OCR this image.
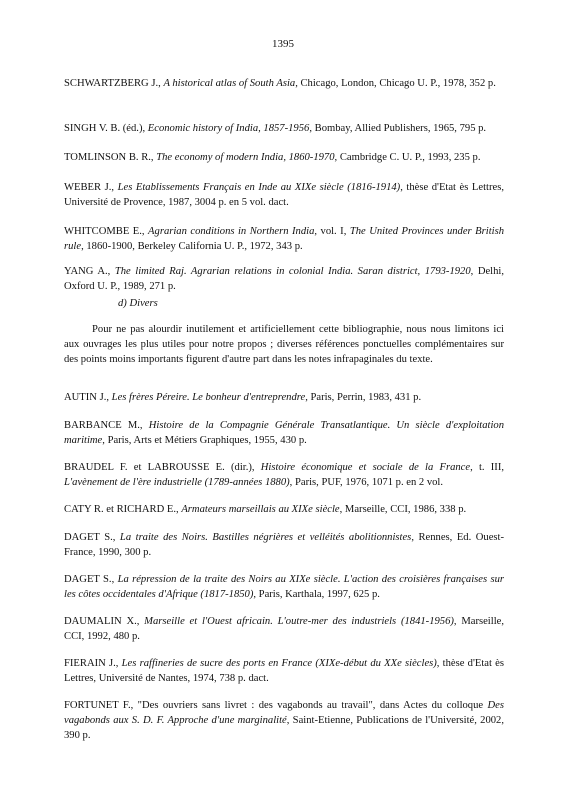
1395
SCHWARTZBERG J., A historical atlas of South Asia, Chicago, London, Chicago U. P., 1978, 352 p.
SINGH V. B. (éd.), Economic history of India, 1857-1956, Bombay, Allied Publishers, 1965, 795 p.
TOMLINSON B. R., The economy of modern India, 1860-1970, Cambridge C. U. P., 1993, 235 p.
WEBER J., Les Etablissements Français en Inde au XIXe siècle (1816-1914), thèse d'Etat ès Lettres, Université de Provence, 1987, 3004 p. en 5 vol. dact.
WHITCOMBE E., Agrarian conditions in Northern India, vol. I, The United Provinces under British rule, 1860-1900, Berkeley California U. P., 1972, 343 p.
YANG A., The limited Raj. Agrarian relations in colonial India. Saran district, 1793-1920, Delhi, Oxford U. P., 1989, 271 p.
d) Divers
Pour ne pas alourdir inutilement et artificiellement cette bibliographie, nous nous limitons ici aux ouvrages les plus utiles pour notre propos ; diverses références ponctuelles complémentaires sur des points moins importants figurent d'autre part dans les notes infrapaginales du texte.
AUTIN J., Les frères Péreire. Le bonheur d'entreprendre, Paris, Perrin, 1983, 431 p.
BARBANCE M., Histoire de la Compagnie Générale Transatlantique. Un siècle d'exploitation maritime, Paris, Arts et Métiers Graphiques, 1955, 430 p.
BRAUDEL F. et LABROUSSE E. (dir.), Histoire économique et sociale de la France, t. III, L'avènement de l'ère industrielle (1789-années 1880), Paris, PUF, 1976, 1071 p. en 2 vol.
CATY R. et RICHARD E., Armateurs marseillais au XIXe siècle, Marseille, CCI, 1986, 338 p.
DAGET S., La traite des Noirs. Bastilles négrières et velléités abolitionnistes, Rennes, Ed. Ouest-France, 1990, 300 p.
DAGET S., La répression de la traite des Noirs au XIXe siècle. L'action des croisières françaises sur les côtes occidentales d'Afrique (1817-1850), Paris, Karthala, 1997, 625 p.
DAUMALIN X., Marseille et l'Ouest africain. L'outre-mer des industriels (1841-1956), Marseille, CCI, 1992, 480 p.
FIERAIN J., Les raffineries de sucre des ports en France (XIXe-début du XXe siècles), thèse d'Etat ès Lettres, Université de Nantes, 1974, 738 p. dact.
FORTUNET F., "Des ouvriers sans livret : des vagabonds au travail", dans Actes du colloque Des vagabonds aux S. D. F. Approche d'une marginalité, Saint-Etienne, Publications de l'Université, 2002, 390 p.
